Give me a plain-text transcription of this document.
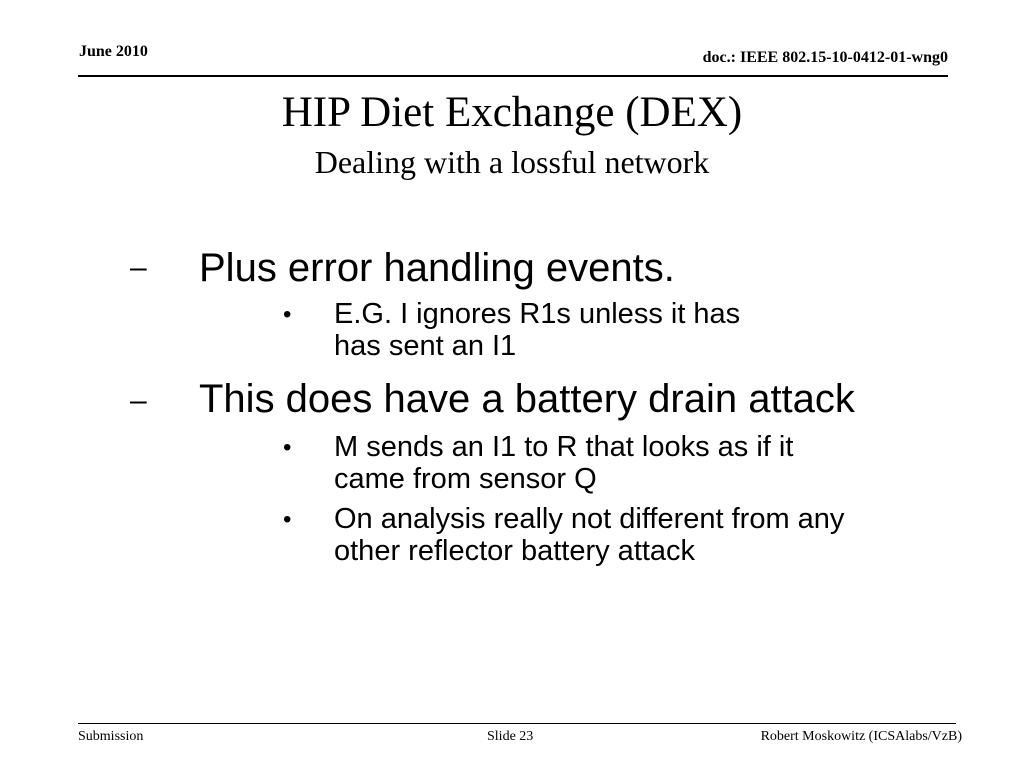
June 2010	doc.: IEEE 802.15-10-0412-01-wng0
HIP Diet Exchange (DEX)
Dealing with a lossful network
– Plus error handling events.
• E.G. I ignores R1s unless it has
has sent an I1
– This does have a battery drain attack
• M sends an I1 to R that looks as if it
came from sensor Q
• On analysis really not different from any
other reflector battery attack
Submission	Slide 23	Robert Moskowitz (ICSAlabs/VzB)
